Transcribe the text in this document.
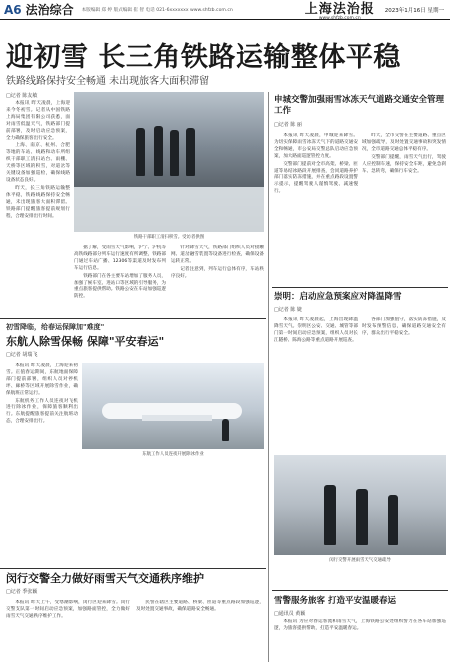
A6 法治综合 本版编辑 郑 婷 版式编辑 崔 智 电话 021-6xxxxxxx www.shfzb.com.cn	上海法治报
www.shfzb.com.cn
2023年1月16日 星期一
迎初雪 长三角铁路运输整体平稳
铁路线路保持安全畅通 未出现旅客大面积滞留
□记者 陈友敏

本报讯 昨天凌晨，上海迎来今冬初雪。记者从中国铁路上海局集团有限公司获悉，面对雨雪低温天气，铁路部门提前部署，及时启动应急预案，全力确保旅客出行安全。

上海、南京、杭州、合肥等地的车站、线路和动车所组织干部职工清扫站台、雨棚、天桥等区域的积雪，对道岔等关键设备加强巡检，确保线路设备状态良好。

昨天，长三角铁路运输整体平稳，铁路线路保持安全畅通，未出现旅客大面积滞留。铁路部门提醒旅客提前规划行程，合理安排出行时间。

铁路干部职工清扫积雪。受访者供图

据了解，受雨雪天气影响，沪宁、沪杭等高铁线路部分列车运行速度有所调整，铁路部门通过车站广播、12306等渠道及时发布列车运行信息。

铁路部门在各主要车站增加了服务人员，加强了候车室、进站口等区域的引导服务，为重点旅客提供帮助。铁路公安在车站加强巡逻防控。

针对降雪天气，铁路部门组织人员对接触网、道岔融雪装置等设备进行检查，确保设备运转正常。

记者注意到，列车运行总体有序，车站秩序良好。

申城交警加强雨雪冰冻天气道路交通安全管理工作
□记者 陈 丽

本报讯 昨天凌晨，申城迎来降雪。为切实保障雨雪冰冻天气下的道路交通安全和畅通，市公安局交警总队启动应急预案，加大路面巡逻管控力度。

交警部门提前对全市高架、桥梁、匝道等易结冰路段开展排查，会同道路养护部门落实防冻措施，并在重点路段设置警示提示，提醒驾驶人谨慎驾驶、减速慢行。

昨天，全市交警在主要道路、重点区域加强疏导，及时处置交通事故和突发情况，全市道路交通总体平稳有序。

交警部门提醒，雨雪天气出行，驾驶人应控制车速，保持安全车距，避免急刹车、急转弯，确保行车安全。

崇明：启动应急预案应对降温降雪
□记者 陈 婕

本报讯 昨天凌晨起，上海出现降温降雪天气。崇明区公安、交通、城管等部门第一时间启动应急预案，组织人员对长江隧桥、陈海公路等重点道路开展巡查。

各部门加强值守，落实防冻措施，及时发布预警信息，确保道路交通安全有序，群众出行平稳安全。

初雪降临，给春运保障加"难度"
东航人除雪保畅 保障"平安春运"
□记者 胡瑞飞

本报讯 昨天凌晨，上海迎来初雪。正值春运期间，东航地面保障部门提前部署，组织人员对停机坪、廊桥等区域开展除雪作业，确保航班正常运行。

东航机务工作人员连夜对飞机进行除冰作业，保障旅客顺利出行。东航提醒旅客提前关注航班动态，合理安排出行。

东航工作人员连夜开展除冰作业
闵行交警开展雨雪天气交通疏导
闵行交警全力做好雨雪天气交通秩序维护
□记者 季张颖

本报讯 昨天上午，受寒潮影响，闵行区迎来降雪。闵行交警支队第一时间启动应急预案，加强路面管控，全力做好雨雪天气交通秩序维护工作。

民警在辖区主要道路、桥梁、匝道等重点路段加强巡逻，及时处置交通事故，确保道路安全畅通。

雪警服务旅客 打造平安温暖春运
□通讯员 黄颖

本报讯 为应对春运客流和雨雪天气，上海铁路公安处组织警力在各车站加强巡逻，为旅客提供帮助，打造平安温暖春运。
